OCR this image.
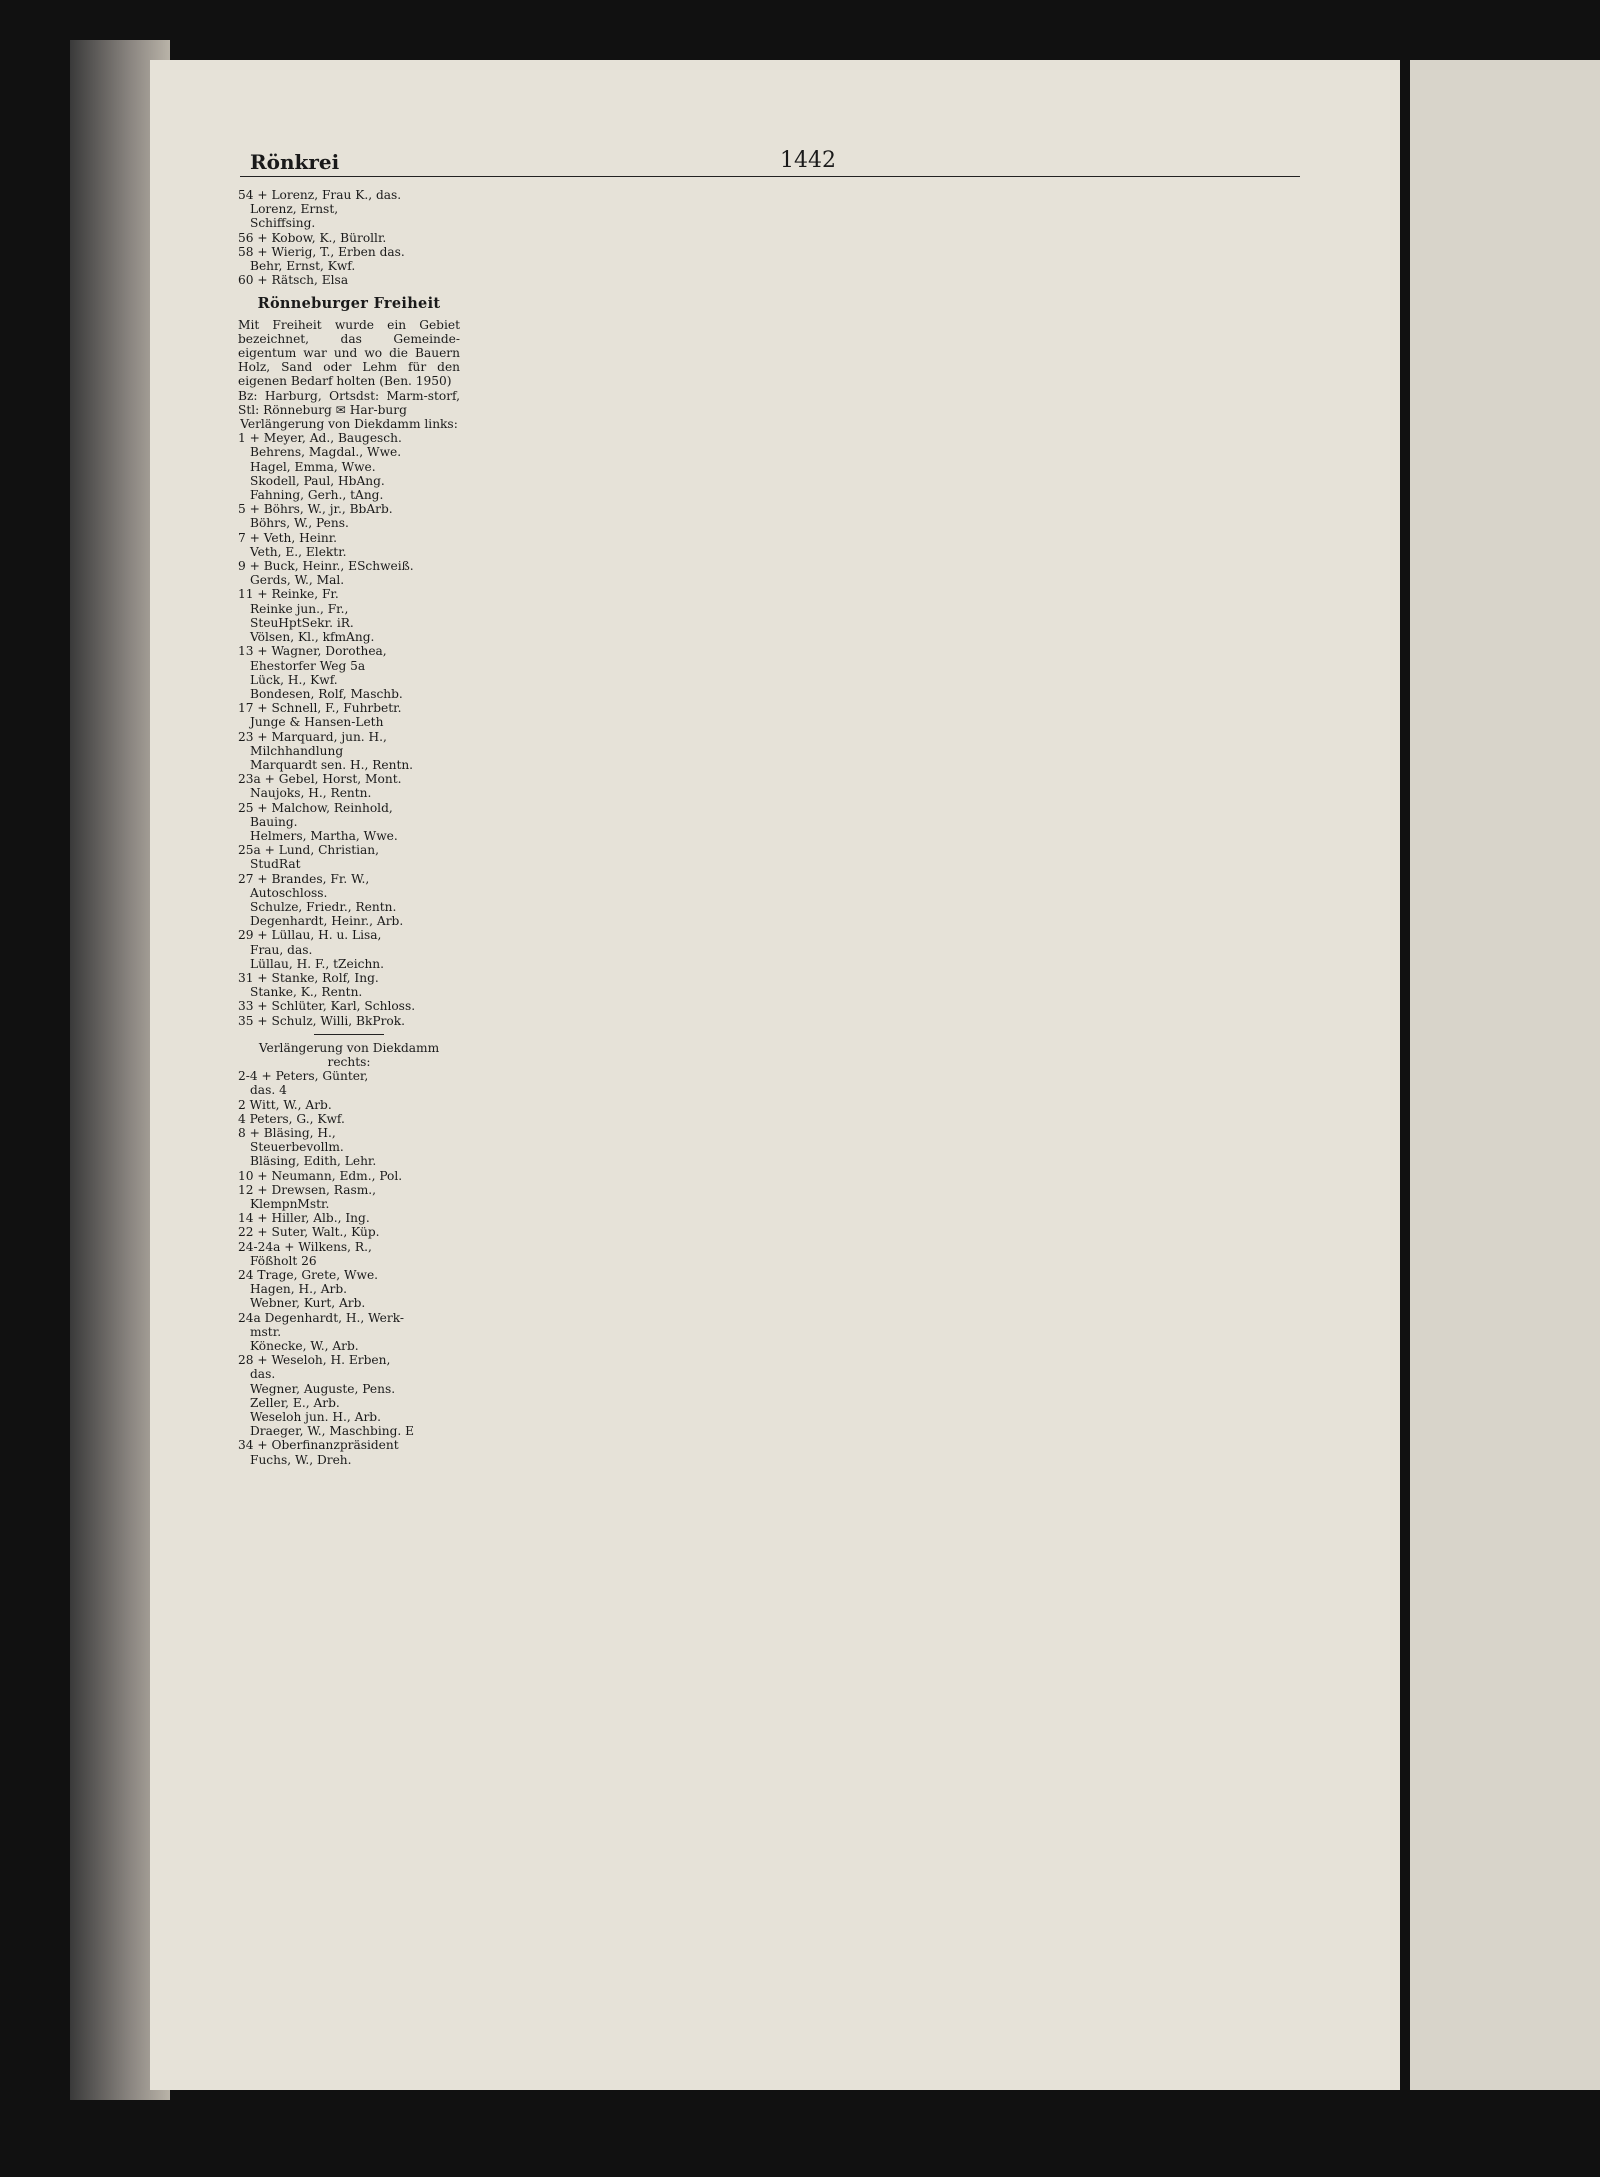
Rönkrei	1442
54 + Lorenz, Frau K., das.
Lorenz, Ernst,
Schiffsing.
56 + Kobow, K., Bürollr.
58 + Wierig, T., Erben das.
Behr, Ernst, Kwf.
60 + Rätsch, Elsa
Rönneburger Freiheit
Mit Freiheit wurde ein Gebiet bezeichnet, das Gemeinde-eigentum war und wo die Bauern Holz, Sand oder Lehm für den eigenen Bedarf holten (Ben. 1950)
Bz: Harburg, Ortsdst: Marm-storf, Stl: Rönneburg ✉ Har-burg
Verlängerung von Diekdamm links:
1 + Meyer, Ad., Baugesch.
Behrens, Magdal., Wwe.
Hagel, Emma, Wwe.
Skodell, Paul, HbAng.
Fahning, Gerh., tAng.
5 + Böhrs, W., jr., BbArb.
Böhrs, W., Pens.
7 + Veth, Heinr.
Veth, E., Elektr.
9 + Buck, Heinr., ESchweiß.
Gerds, W., Mal.
11 + Reinke, Fr.
Reinke jun., Fr.,
SteuHptSekr. iR.
Völsen, Kl., kfmAng.
13 + Wagner, Dorothea,
Ehestorfer Weg 5a
Lück, H., Kwf.
Bondesen, Rolf, Maschb.
17 + Schnell, F., Fuhrbetr.
Junge & Hansen-Leth
23 + Marquard, jun. H.,
Milchhandlung
Marquardt sen. H., Rentn.
23a + Gebel, Horst, Mont.
Naujoks, H., Rentn.
25 + Malchow, Reinhold,
Bauing.
Helmers, Martha, Wwe.
25a + Lund, Christian,
StudRat
27 + Brandes, Fr. W.,
Autoschloss.
Schulze, Friedr., Rentn.
Degenhardt, Heinr., Arb.
29 + Lüllau, H. u. Lisa,
Frau, das.
Lüllau, H. F., tZeichn.
31 + Stanke, Rolf, Ing.
Stanke, K., Rentn.
33 + Schlüter, Karl, Schloss.
35 + Schulz, Willi, BkProk.
Verlängerung von Diekdamm rechts:
2-4 + Peters, Günter,
das. 4
2 Witt, W., Arb.
4 Peters, G., Kwf.
8 + Bläsing, H.,
Steuerbevollm.
Bläsing, Edith, Lehr.
10 + Neumann, Edm., Pol.
12 + Drewsen, Rasm.,
KlempnMstr.
14 + Hiller, Alb., Ing.
22 + Suter, Walt., Küp.
24-24a + Wilkens, R.,
Fößholt 26
24 Trage, Grete, Wwe.
Hagen, H., Arb.
Webner, Kurt, Arb.
24a Degenhardt, H., Werk-
mstr.
Könecke, W., Arb.
28 + Weseloh, H. Erben,
das.
Wegner, Auguste, Pens.
Zeller, E., Arb.
Weseloh jun. H., Arb.
Draeger, W., Maschbing. E
34 + Oberfinanzpräsident
Fuchs, W., Dreh.
